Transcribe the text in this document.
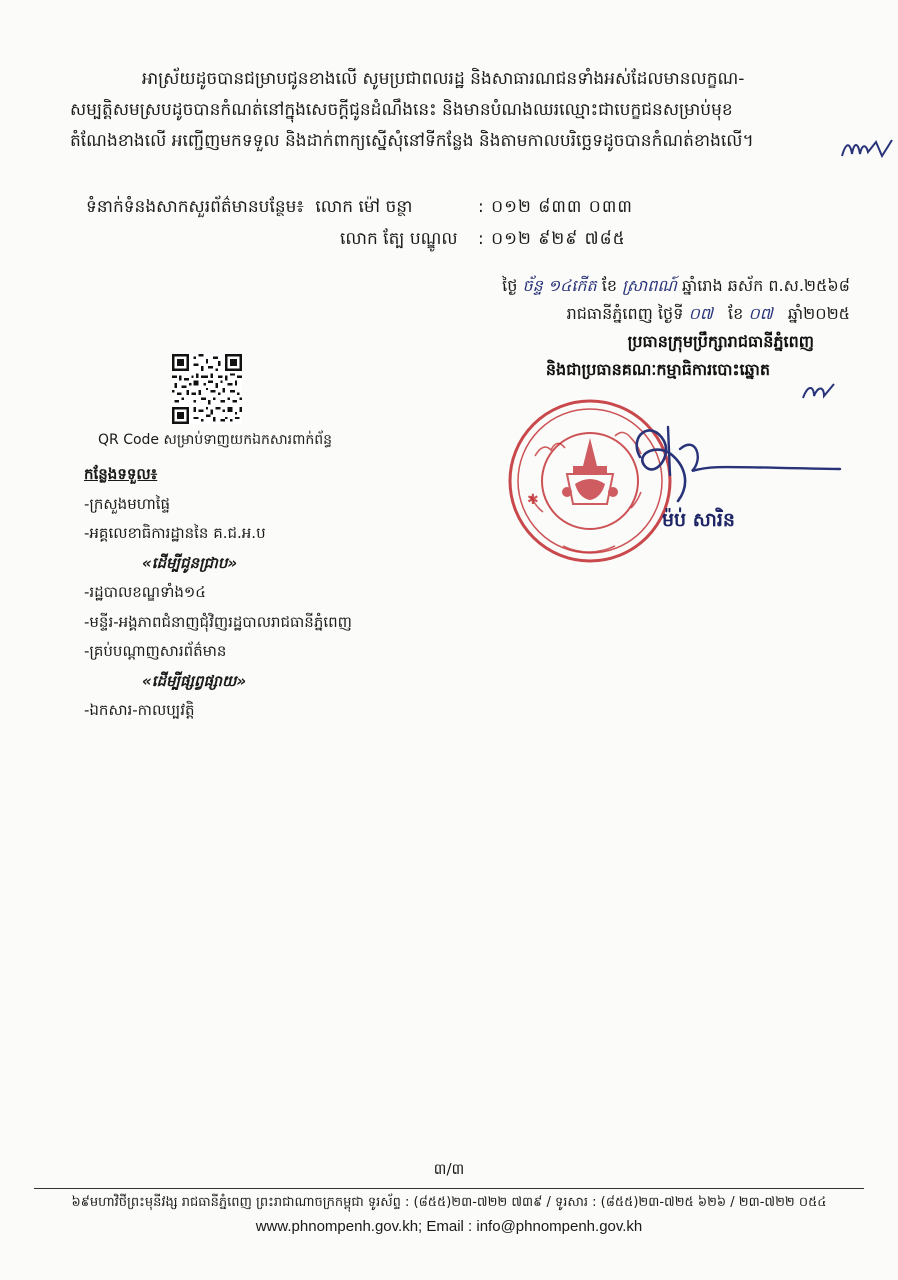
អាស្រ័យដូចបានជម្រាបជូនខាងលើ សូមប្រជាពលរដ្ឋ និងសាធារណជនទាំងអស់ដែលមានលក្ខណ-
សម្បត្តិសមស្របដូចបានកំណត់នៅក្នុងសេចក្តីជូនដំណឹងនេះ និងមានបំណងឈរឈ្មោះជាបេក្ខជនសម្រាប់មុខ
តំណែងខាងលើ អញ្ជើញមកទទួល និងដាក់ពាក្យស្នើសុំនៅទីកន្លែង និងតាមកាលបរិច្ឆេទដូចបានកំណត់ខាងលើ។
ទំនាក់ទំនងសាកសួរព័ត៌មានបន្ថែម៖ លោក ម៉ៅ ចន្ថា	: ០១២ ៨៣៣ ០៣៣
លោក ត្បែ បណ្ឌូល : ០១២ ៩២៩ ៧៨៥
ថ្ងៃ ច័ន្ទ ១៤កើត ខែ ស្រាពណ៍ ឆ្នាំរោង ឆស័ក ព.ស.២៥៦៨
រាជធានីភ្នំពេញ ថ្ងៃទី ០៧ ខែ ០៧ ឆ្នាំ២០២៥
ប្រធានក្រុមប្រឹក្សារាជធានីភ្នំពេញ
និងជាប្រធានគណៈកម្មាធិការបោះឆ្នោត
QR Code សម្រាប់ទាញយកឯកសារពាក់ព័ន្ធ
✱
ម៉ប់ សារិន
កន្លែងទទួល៖
-ក្រសួងមហាផ្ទៃ
-អគ្គលេខាធិការដ្ឋាននៃ គ.ជ.អ.ប
«ដើម្បីជូនជ្រាប»
-រដ្ឋបាលខណ្ឌទាំង១៤
-មន្ទីរ-អង្គភាពជំនាញជុំវិញរដ្ឋបាលរាជធានីភ្នំពេញ
-គ្រប់បណ្តាញសារព័ត៌មាន
«ដើម្បីផ្សព្វផ្សាយ»
-ឯកសារ-កាលប្បវត្តិ
៣/៣
៦៩មហាវិថីព្រះមុនីវង្ស រាជធានីភ្នំពេញ ព្រះរាជាណាចក្រកម្ពុជា ទូរស័ព្ទ : (៨៥៥)២៣-៧២២ ៧៣៩ / ទូរសារ : (៨៥៥)២៣-៧២៥ ៦២៦ / ២៣-៧២២ ០៥៤
www.phnompenh.gov.kh; Email : info@phnompenh.gov.kh
